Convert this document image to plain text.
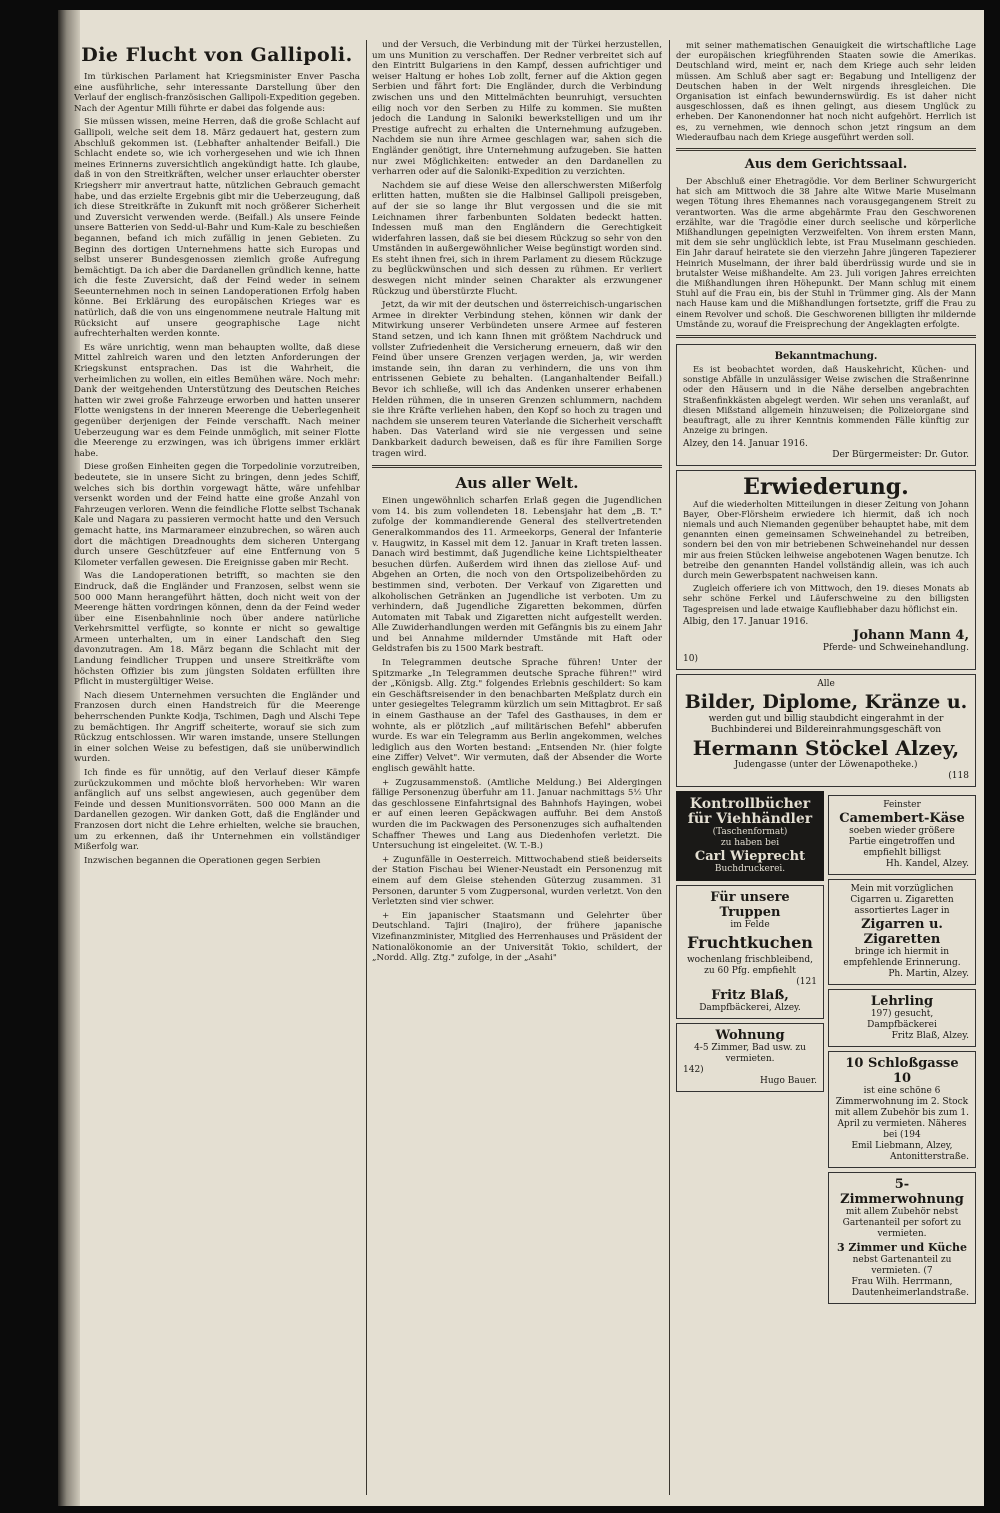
Die Flucht von Gallipoli.

Im türkischen Parlament hat Kriegsminister Enver Pascha eine ausführliche, sehr interessante Darstellung über den Verlauf der englisch-französischen Gallipoli-Expedition gegeben. Nach der Agentur Milli führte er dabei das folgende aus:

Sie müssen wissen, meine Herren, daß die große Schlacht auf Gallipoli, welche seit dem 18. März gedauert hat, gestern zum Abschluß gekommen ist. (Lebhafter anhaltender Beifall.) Die Schlacht endete so, wie ich vorhergesehen und wie ich Ihnen meines Erinnerns zuversichtlich angekündigt hatte. Ich glaube, daß in von den Streitkräften, welcher unser erlauchter oberster Kriegsherr mir anvertraut hatte, nützlichen Gebrauch gemacht habe, und das erzielte Ergebnis gibt mir die Ueberzeugung, daß ich diese Streitkräfte in Zukunft mit noch größerer Sicherheit und Zuversicht verwenden werde. (Beifall.) Als unsere Feinde unsere Batterien von Sedd-ul-Bahr und Kum-Kale zu beschießen begannen, befand ich mich zufällig in jenen Gebieten. Zu Beginn des dortigen Unternehmens hatte sich Europas und selbst unserer Bundesgenossen ziemlich große Aufregung bemächtigt. Da ich aber die Dardanellen gründlich kenne, hatte ich die feste Zuversicht, daß der Feind weder in seinem Seeunternehmen noch in seinen Landoperationen Erfolg haben könne. Bei Erklärung des europäischen Krieges war es natürlich, daß die von uns eingenommene neutrale Haltung mit Rücksicht auf unsere geographische Lage nicht aufrechterhalten werden konnte.

Es wäre unrichtig, wenn man behaupten wollte, daß diese Mittel zahlreich waren und den letzten Anforderungen der Kriegskunst entsprachen. Das ist die Wahrheit, die verheimlichen zu wollen, ein eitles Bemühen wäre. Noch mehr: Dank der weitgehenden Unterstützung des Deutschen Reiches hatten wir zwei große Fahrzeuge erworben und hatten unserer Flotte wenigstens in der inneren Meerenge die Ueberlegenheit gegenüber derjenigen der Feinde verschafft. Nach meiner Ueberzeugung war es dem Feinde unmöglich, mit seiner Flotte die Meerenge zu erzwingen, was ich übrigens immer erklärt habe.

Diese großen Einheiten gegen die Torpedolinie vorzutreiben, bedeutete, sie in unsere Sicht zu bringen, denn jedes Schiff, welches sich bis dorthin vorgewagt hätte, wäre unfehlbar versenkt worden und der Feind hatte eine große Anzahl von Fahrzeugen verloren. Wenn die feindliche Flotte selbst Tschanak Kale und Nagara zu passieren vermocht hatte und den Versuch gemacht hatte, ins Marmarameer einzubrechen, so wären auch dort die mächtigen Dreadnoughts dem sicheren Untergang durch unsere Geschützfeuer auf eine Entfernung von 5 Kilometer verfallen gewesen. Die Ereignisse gaben mir Recht.

Was die Landoperationen betrifft, so machten sie den Eindruck, daß die Engländer und Franzosen, selbst wenn sie 500 000 Mann herangeführt hätten, doch nicht weit von der Meerenge hätten vordringen können, denn da der Feind weder über eine Eisenbahnlinie noch über andere natürliche Verkehrsmittel verfügte, so konnte er nicht so gewaltige Armeen unterhalten, um in einer Landschaft den Sieg davonzutragen. Am 18. März begann die Schlacht mit der Landung feindlicher Truppen und unsere Streitkräfte vom höchsten Offizier bis zum jüngsten Soldaten erfüllten ihre Pflicht in mustergültiger Weise.

Nach diesem Unternehmen versuchten die Engländer und Franzosen durch einen Handstreich für die Meerenge beherrschenden Punkte Kodja, Tschimen, Dagh und Alschi Tepe zu bemächtigen. Ihr Angriff scheiterte, worauf sie sich zum Rückzug entschlossen. Wir waren imstande, unsere Stellungen in einer solchen Weise zu befestigen, daß sie unüberwindlich wurden.

Ich finde es für unnötig, auf den Verlauf dieser Kämpfe zurückzukommen und möchte bloß hervorheben: Wir waren anfänglich auf uns selbst angewiesen, auch gegenüber dem Feinde und dessen Munitionsvorräten. 500 000 Mann an die Dardanellen gezogen. Wir danken Gott, daß die Engländer und Franzosen dort nicht die Lehre erhielten, welche sie brauchen, um zu erkennen, daß ihr Unternehmen ein vollständiger Mißerfolg war.

Inzwischen begannen die Operationen gegen Serbien

und der Versuch, die Verbindung mit der Türkei herzustellen, um uns Munition zu verschaffen. Der Redner verbreitet sich auf den Eintritt Bulgariens in den Kampf, dessen aufrichtiger und weiser Haltung er hohes Lob zollt, ferner auf die Aktion gegen Serbien und fährt fort: Die Engländer, durch die Verbindung zwischen uns und den Mittelmächten beunruhigt, versuchten eilig noch vor den Serben zu Hilfe zu kommen. Sie mußten jedoch die Landung in Saloniki bewerkstelligen und um ihr Prestige aufrecht zu erhalten die Unternehmung aufzugeben. Nachdem sie nun ihre Armee geschlagen war, sahen sich die Engländer genötigt, ihre Unternehmung aufzugeben. Sie hatten nur zwei Möglichkeiten: entweder an den Dardanellen zu verharren oder auf die Saloniki-Expedition zu verzichten.

Nachdem sie auf diese Weise den allerschwersten Mißerfolg erlitten hatten, mußten sie die Halbinsel Gallipoli preisgeben, auf der sie so lange ihr Blut vergossen und die sie mit Leichnamen ihrer farbenbunten Soldaten bedeckt hatten. Indessen muß man den Engländern die Gerechtigkeit widerfahren lassen, daß sie bei diesem Rückzug so sehr von den Umständen in außergewöhnlicher Weise begünstigt worden sind. Es steht ihnen frei, sich in ihrem Parlament zu diesem Rückzuge zu beglückwünschen und sich dessen zu rühmen. Er verliert deswegen nicht minder seinen Charakter als erzwungener Rückzug und überstürzte Flucht.

Jetzt, da wir mit der deutschen und österreichisch-ungarischen Armee in direkter Verbindung stehen, können wir dank der Mitwirkung unserer Verbündeten unsere Armee auf festeren Stand setzen, und ich kann Ihnen mit größtem Nachdruck und vollster Zufriedenheit die Versicherung erneuern, daß wir den Feind über unsere Grenzen verjagen werden, ja, wir werden imstande sein, ihn daran zu verhindern, die uns von ihm entrissenen Gebiete zu behalten. (Langanhaltender Beifall.) Bevor ich schließe, will ich das Andenken unserer erhabenen Helden rühmen, die in unseren Grenzen schlummern, nachdem sie ihre Kräfte verliehen haben, den Kopf so hoch zu tragen und nachdem sie unserem teuren Vaterlande die Sicherheit verschafft haben. Das Vaterland wird sie nie vergessen und seine Dankbarkeit dadurch beweisen, daß es für ihre Familien Sorge tragen wird.

Aus aller Welt.

Einen ungewöhnlich scharfen Erlaß gegen die Jugendlichen vom 14. bis zum vollendeten 18. Lebensjahr hat dem „B. T." zufolge der kommandierende General des stellvertretenden Generalkommandos des 11. Armeekorps, General der Infanterie v. Haugwitz, in Kassel mit dem 12. Januar in Kraft treten lassen. Danach wird bestimmt, daß Jugendliche keine Lichtspieltheater besuchen dürfen. Außerdem wird ihnen das ziellose Auf- und Abgehen an Orten, die noch von den Ortspolizeibehörden zu bestimmen sind, verboten. Der Verkauf von Zigaretten und alkoholischen Getränken an Jugendliche ist verboten. Um zu verhindern, daß Jugendliche Zigaretten bekommen, dürfen Automaten mit Tabak und Zigaretten nicht aufgestellt werden. Alle Zuwiderhandlungen werden mit Gefängnis bis zu einem Jahr und bei Annahme mildernder Umstände mit Haft oder Geldstrafen bis zu 1500 Mark bestraft.

In Telegrammen deutsche Sprache führen! Unter der Spitzmarke „In Telegrammen deutsche Sprache führen!" wird der „Königsb. Allg. Ztg." folgendes Erlebnis geschildert: So kam ein Geschäftsreisender in den benachbarten Meßplatz durch ein unter gesiegeltes Telegramm kürzlich um sein Mittagbrot. Er saß in einem Gasthause an der Tafel des Gasthauses, in dem er wohnte, als er plötzlich „auf militärischen Befehl" abberufen wurde. Es war ein Telegramm aus Berlin angekommen, welches lediglich aus den Worten bestand: „Entsenden Nr. (hier folgte eine Ziffer) Velvet". Wir vermuten, daß der Absender die Worte englisch gewählt hatte.

+ Zugzusammenstoß. (Amtliche Meldung.) Bei Aldergingen fällige Personenzug überfuhr am 11. Januar nachmittags 5½ Uhr das geschlossene Einfahrtsignal des Bahnhofs Hayingen, wobei er auf einen leeren Gepäckwagen auffuhr. Bei dem Anstoß wurden die im Packwagen des Personenzuges sich aufhaltenden Schaffner Thewes und Lang aus Diedenhofen verletzt. Die Untersuchung ist eingeleitet. (W. T.-B.)

+ Zugunfälle in Oesterreich. Mittwochabend stieß beiderseits der Station Fischau bei Wiener-Neustadt ein Personenzug mit einem auf dem Gleise stehenden Güterzug zusammen. 31 Personen, darunter 5 vom Zugpersonal, wurden verletzt. Von den Verletzten sind vier schwer.

+ Ein japanischer Staatsmann und Gelehrter über Deutschland. Tajiri (Inajiro), der frühere japanische Vizefinanzminister, Mitglied des Herrenhauses und Präsident der Nationalökonomie an der Universität Tokio, schildert, der „Nordd. Allg. Ztg." zufolge, in der „Asahi"

mit seiner mathematischen Genauigkeit die wirtschaftliche Lage der europäischen kriegführenden Staaten sowie die Amerikas. Deutschland wird, meint er, nach dem Kriege auch sehr leiden müssen. Am Schluß aber sagt er: Begabung und Intelligenz der Deutschen haben in der Welt nirgends ihresgleichen. Die Organisation ist einfach bewundernswürdig. Es ist daher nicht ausgeschlossen, daß es ihnen gelingt, aus diesem Unglück zu erheben. Der Kanonendonner hat noch nicht aufgehört. Herrlich ist es, zu vernehmen, wie dennoch schon jetzt ringsum an dem Wiederaufbau nach dem Kriege ausgeführt werden soll.

Aus dem Gerichtssaal.

Der Abschluß einer Ehetragödie. Vor dem Berliner Schwurgericht hat sich am Mittwoch die 38 Jahre alte Witwe Marie Muselmann wegen Tötung ihres Ehemannes nach vorausgegangenem Streit zu verantworten. Was die arme abgehärmte Frau den Geschworenen erzählte, war die Tragödie einer durch seelische und körperliche Mißhandlungen gepeinigten Verzweifelten. Von ihrem ersten Mann, mit dem sie sehr unglücklich lebte, ist Frau Muselmann geschieden. Ein Jahr darauf heiratete sie den vierzehn Jahre jüngeren Tapezierer Heinrich Muselmann, der ihrer bald überdrüssig wurde und sie in brutalster Weise mißhandelte. Am 23. Juli vorigen Jahres erreichten die Mißhandlungen ihren Höhepunkt. Der Mann schlug mit einem Stuhl auf die Frau ein, bis der Stuhl in Trümmer ging. Als der Mann nach Hause kam und die Mißhandlungen fortsetzte, griff die Frau zu einem Revolver und schoß. Die Geschworenen billigten ihr mildernde Umstände zu, worauf die Freisprechung der Angeklagten erfolgte.

Bekanntmachung.

Es ist beobachtet worden, daß Hauskehricht, Küchen- und sonstige Abfälle in unzulässiger Weise zwischen die Straßenrinne oder den Häusern und in die Nähe derselben angebrachten Straßenfinkkästen abgelegt werden. Wir sehen uns veranlaßt, auf diesen Mißstand allgemein hinzuweisen; die Polizeiorgane sind beauftragt, alle zu ihrer Kenntnis kommenden Fälle künftig zur Anzeige zu bringen.

Alzey, den 14. Januar 1916.
Der Bürgermeister: Dr. Gutor.
Erwiederung.

Auf die wiederholten Mitteilungen in dieser Zeitung von Johann Bayer, Ober-Flörsheim erwiedere ich hiermit, daß ich noch niemals und auch Niemanden gegenüber behauptet habe, mit dem genannten einen gemeinsamen Schweinehandel zu betreiben, sondern bei den von mir betriebenen Schweinehandel nur dessen mir aus freien Stücken leihweise angebotenen Wagen benutze. Ich betreibe den genannten Handel vollständig allein, was ich auch durch mein Gewerbspatent nachweisen kann.

Zugleich offeriere ich von Mittwoch, den 19. dieses Monats ab sehr schöne Ferkel und Läuferschweine zu den billigsten Tagespreisen und lade etwaige Kaufliebhaber dazu höflichst ein.

Albig, den 17. Januar 1916.
Johann Mann 4,
Pferde- und Schweinehandlung.
10)
Alle
Bilder, Diplome, Kränze u.
werden gut und billig staubdicht eingerahmt in der Buchbinderei und Bildereinrahmungsgeschäft von
Hermann Stöckel Alzey,
Judengasse (unter der Löwenapotheke.)
(118
Kontrollbücher für Viehhändler
(Taschenformat)
zu haben bei
Carl Wieprecht
Buchdruckerei.
Für unsere Truppen
im Felde
Fruchtkuchen
wochenlang frischbleibend, zu 60 Pfg. empfiehlt
(121
Fritz Blaß,
Dampfbäckerei, Alzey.
Wohnung
4-5 Zimmer, Bad usw. zu vermieten.
142)
Hugo Bauer.
Feinster
Camembert-Käse
soeben wieder größere Partie eingetroffen und empfiehlt billigst
Hh. Kandel, Alzey.
Mein mit vorzüglichen Cigarren u. Zigaretten assortiertes Lager in
Zigarren u. Zigaretten
bringe ich hiermit in empfehlende Erinnerung.
Ph. Martin, Alzey.
Lehrling
197) gesucht, Dampfbäckerei
Fritz Blaß, Alzey.
10 Schloßgasse 10
ist eine schöne 6 Zimmerwohnung im 2. Stock mit allem Zubehör bis zum 1. April zu vermieten. Näheres bei (194
Emil Liebmann, Alzey,
Antonitterstraße.
5-Zimmerwohnung
mit allem Zubehör nebst Gartenanteil per sofort zu vermieten.
3 Zimmer und Küche
nebst Gartenanteil zu vermieten. (7
Frau Wilh. Herrmann,
Dautenheimerlandstraße.
